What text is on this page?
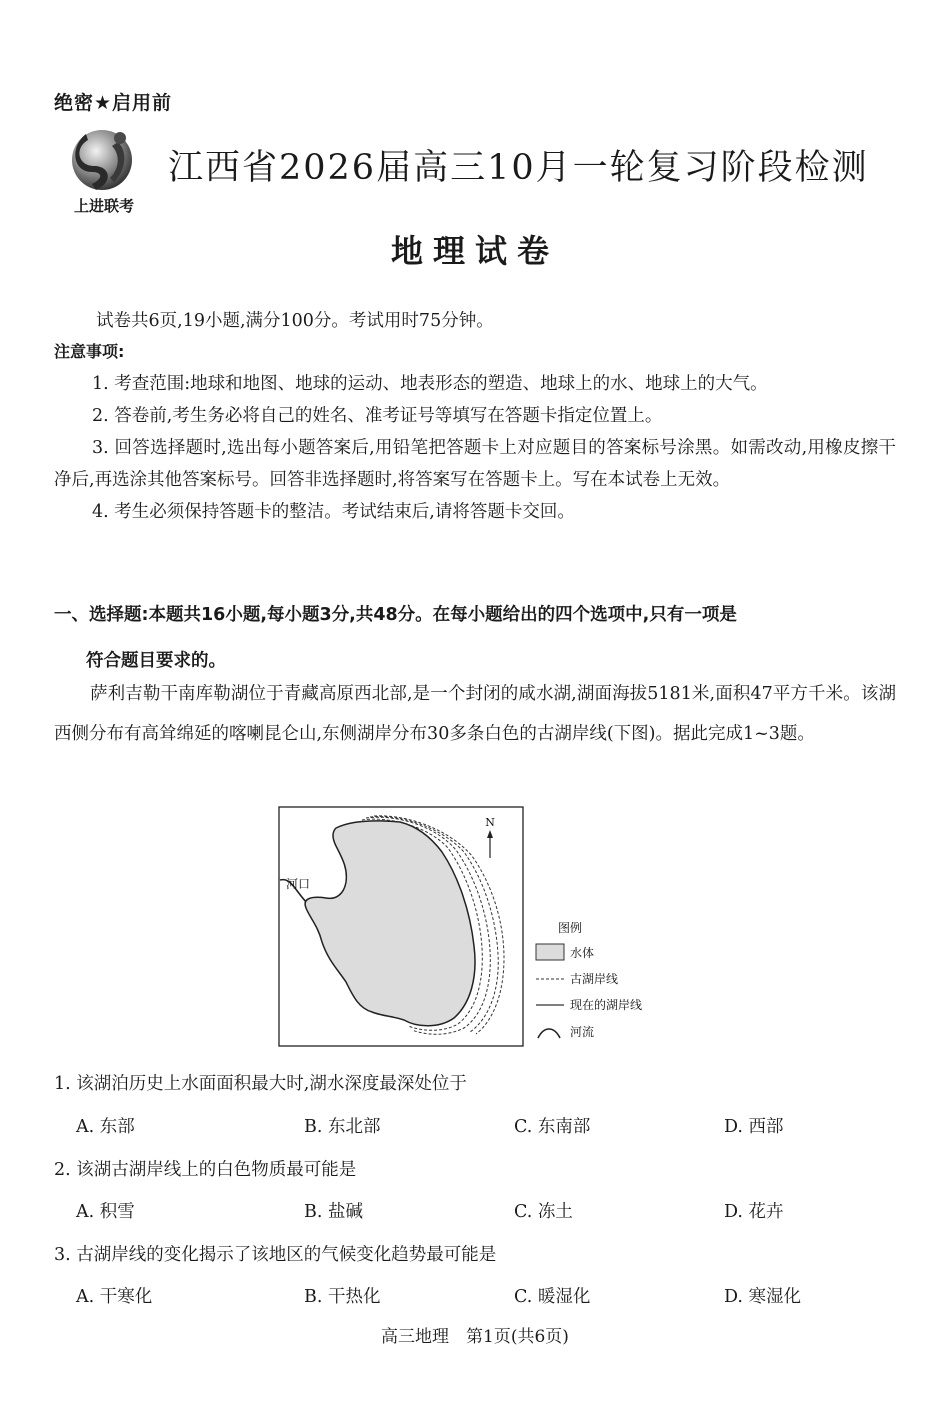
绝密★启用前
上进联考
江西省2026届高三10月一轮复习阶段检测
地理试卷
试卷共6页,19小题,满分100分。考试用时75分钟。
注意事项:

1. 考查范围:地球和地图、地球的运动、地表形态的塑造、地球上的水、地球上的大气。

2. 答卷前,考生务必将自己的姓名、准考证号等填写在答题卡指定位置上。

3. 回答选择题时,选出每小题答案后,用铅笔把答题卡上对应题目的答案标号涂黑。如需改动,用橡皮擦干净后,再选涂其他答案标号。回答非选择题时,将答案写在答题卡上。写在本试卷上无效。

4. 考生必须保持答题卡的整洁。考试结束后,请将答题卡交回。

一、选择题:本题共16小题,每小题3分,共48分。在每小题给出的四个选项中,只有一项是
符合题目要求的。

萨利吉勒干南库勒湖位于青藏高原西北部,是一个封闭的咸水湖,湖面海拔5181米,面积47平方千米。该湖西侧分布有高耸绵延的喀喇昆仑山,东侧湖岸分布30多条白色的古湖岸线(下图)。据此完成1~3题。

N
河口
图例
水体
古湖岸线
现在的湖岸线
河流
1. 该湖泊历史上水面面积最大时,湖水深度最深处位于
A. 东部	B. 东北部	C. 东南部	D. 西部
2. 该湖古湖岸线上的白色物质最可能是
A. 积雪	B. 盐碱	C. 冻土	D. 花卉
3. 古湖岸线的变化揭示了该地区的气候变化趋势最可能是
A. 干寒化	B. 干热化	C. 暖湿化	D. 寒湿化
高三地理　第1页(共6页)
